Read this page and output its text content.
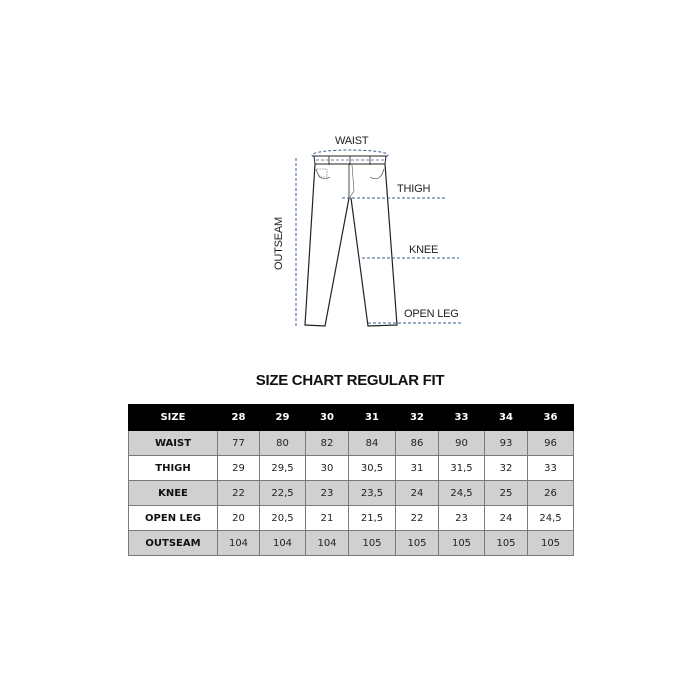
WAIST
THIGH
KNEE
OPEN LEG
OUTSEAM
SIZE CHART REGULAR FIT
SIZE	28	29	30	31	32	33	34	36
WAIST	77	80	82	84	86	90	93	96
THIGH	29	29,5	30	30,5	31	31,5	32	33
KNEE	22	22,5	23	23,5	24	24,5	25	26
OPEN LEG	20	20,5	21	21,5	22	23	24	24,5
OUTSEAM	104	104	104	105	105	105	105	105
